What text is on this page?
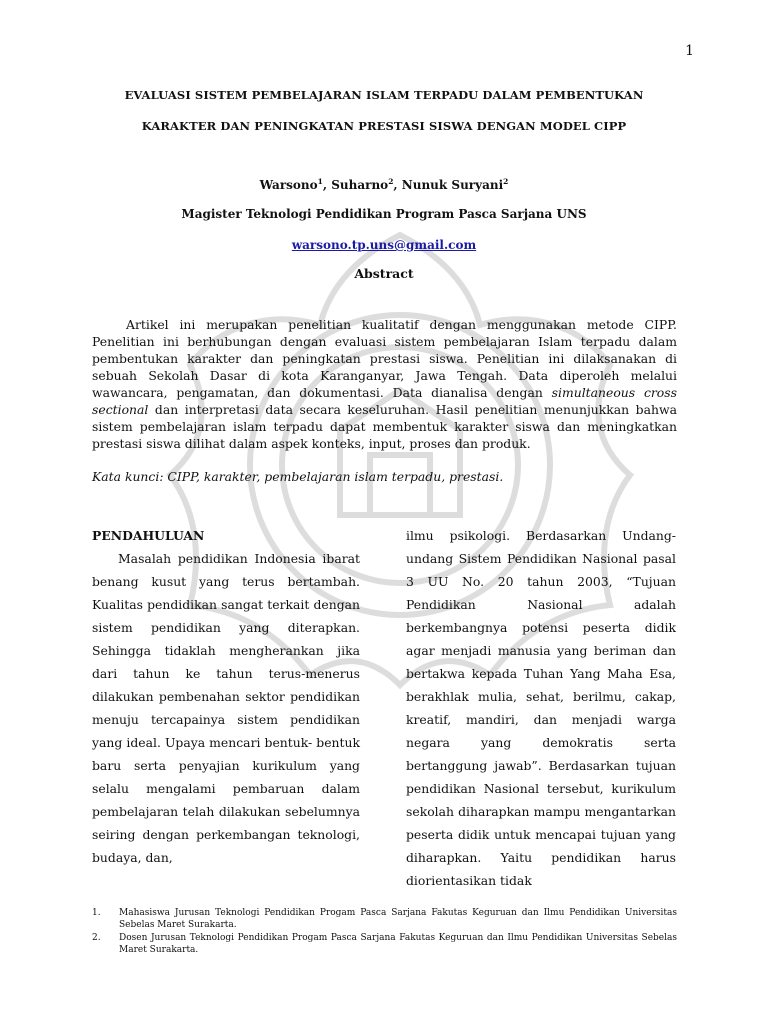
1
EVALUASI SISTEM PEMBELAJARAN ISLAM TERPADU DALAM PEMBENTUKAN
KARAKTER DAN PENINGKATAN PRESTASI SISWA DENGAN MODEL CIPP
Warsono$^1$, Suharno$^2$, Nunuk Suryani$^2$
Magister Teknologi Pendidikan Program Pasca Sarjana UNS
warsono.tp.uns@gmail.com
Abstract

Artikel ini merupakan penelitian kualitatif dengan menggunakan metode CIPP. Penelitian ini berhubungan dengan evaluasi sistem pembelajaran Islam terpadu dalam pembentukan karakter dan peningkatan prestasi siswa. Penelitian ini dilaksanakan di sebuah Sekolah Dasar di kota Karanganyar, Jawa Tengah. Data diperoleh melalui wawancara, pengamatan, dan dokumentasi. Data dianalisa dengan simultaneous cross sectional dan interpretasi data secara keseluruhan. Hasil penelitian menunjukkan bahwa sistem pembelajaran islam terpadu dapat membentuk karakter siswa dan meningkatkan prestasi siswa dilihat dalam aspek konteks, input, proses dan produk.

Kata kunci: CIPP, karakter, pembelajaran islam terpadu, prestasi.

PENDAHULUAN

Masalah pendidikan Indonesia ibarat benang kusut yang terus bertambah. Kualitas pendidikan sangat terkait dengan sistem pendidikan yang diterapkan. Sehingga tidaklah mengherankan jika dari tahun ke tahun terus-menerus dilakukan pembenahan sektor pendidikan menuju tercapainya sistem pendidikan yang ideal. Upaya mencari bentuk- bentuk baru serta penyajian kurikulum yang selalu mengalami pembaruan dalam pembelajaran telah dilakukan sebelumnya seiring dengan perkembangan teknologi, budaya, dan,

ilmu psikologi. Berdasarkan Undang-undang Sistem Pendidikan Nasional pasal 3 UU No. 20 tahun 2003, “Tujuan Pendidikan Nasional adalah berkembangnya potensi peserta didik agar menjadi manusia yang beriman dan bertakwa kepada Tuhan Yang Maha Esa, berakhlak mulia, sehat, berilmu, cakap, kreatif, mandiri, dan menjadi warga negara yang demokratis serta bertanggung jawab”. Berdasarkan tujuan pendidikan Nasional tersebut, kurikulum sekolah diharapkan mampu mengantarkan peserta didik untuk mencapai tujuan yang diharapkan. Yaitu pendidikan harus diorientasikan tidak

1.	Mahasiswa Jurusan Teknologi Pendidikan Progam Pasca Sarjana Fakutas Keguruan dan Ilmu Pendidikan Universitas Sebelas Maret Surakarta.
2.	Dosen Jurusan Teknologi Pendidikan Progam Pasca Sarjana Fakutas Keguruan dan Ilmu Pendidikan Universitas Sebelas Maret Surakarta.
